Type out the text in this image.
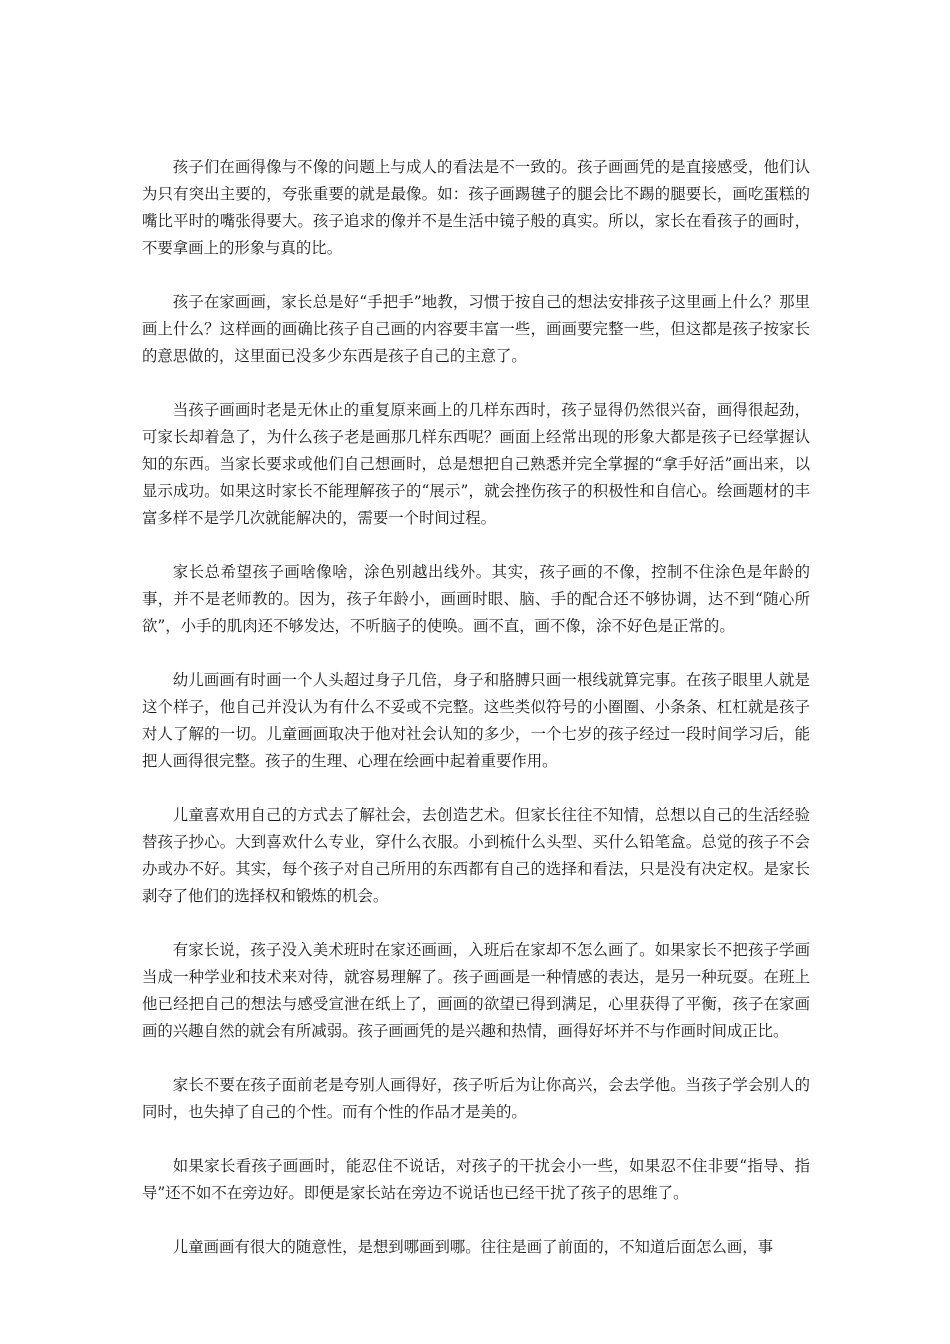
孩子们在画得像与不像的问题上与成人的看法是不一致的。孩子画画凭的是直接感受，他们认为只有突出主要的，夸张重要的就是最像。如：孩子画踢毽子的腿会比不踢的腿要长，画吃蛋糕的嘴比平时的嘴张得要大。孩子追求的像并不是生活中镜子般的真实。所以，家长在看孩子的画时，不要拿画上的形象与真的比。

孩子在家画画，家长总是好“手把手”地教，习惯于按自己的想法安排孩子这里画上什么？那里画上什么？这样画的画确比孩子自己画的内容要丰富一些，画画要完整一些，但这都是孩子按家长的意思做的，这里面已没多少东西是孩子自己的主意了。

当孩子画画时老是无休止的重复原来画上的几样东西时，孩子显得仍然很兴奋，画得很起劲，可家长却着急了，为什么孩子老是画那几样东西呢？画面上经常出现的形象大都是孩子已经掌握认知的东西。当家长要求或他们自己想画时，总是想把自己熟悉并完全掌握的“拿手好活”画出来，以显示成功。如果这时家长不能理解孩子的“展示”，就会挫伤孩子的积极性和自信心。绘画题材的丰富多样不是学几次就能解决的，需要一个时间过程。

家长总希望孩子画啥像啥，涂色别越出线外。其实，孩子画的不像，控制不住涂色是年龄的事，并不是老师教的。因为，孩子年龄小，画画时眼、脑、手的配合还不够协调，达不到“随心所欲”，小手的肌肉还不够发达，不听脑子的使唤。画不直，画不像，涂不好色是正常的。

幼儿画画有时画一个人头超过身子几倍，身子和胳膊只画一根线就算完事。在孩子眼里人就是这个样子，他自己并没认为有什么不妥或不完整。这些类似符号的小圈圈、小条条、杠杠就是孩子对人了解的一切。儿童画画取决于他对社会认知的多少，一个七岁的孩子经过一段时间学习后，能把人画得很完整。孩子的生理、心理在绘画中起着重要作用。

儿童喜欢用自己的方式去了解社会，去创造艺术。但家长往往不知情，总想以自己的生活经验替孩子抄心。大到喜欢什么专业，穿什么衣服。小到梳什么头型、买什么铅笔盒。总觉的孩子不会办或办不好。其实，每个孩子对自己所用的东西都有自己的选择和看法，只是没有决定权。是家长剥夺了他们的选择权和锻炼的机会。

有家长说，孩子没入美术班时在家还画画，入班后在家却不怎么画了。如果家长不把孩子学画当成一种学业和技术来对待，就容易理解了。孩子画画是一种情感的表达，是另一种玩耍。在班上他已经把自己的想法与感受宣泄在纸上了，画画的欲望已得到满足，心里获得了平衡，孩子在家画画的兴趣自然的就会有所减弱。孩子画画凭的是兴趣和热情，画得好坏并不与作画时间成正比。

家长不要在孩子面前老是夸别人画得好，孩子听后为让你高兴，会去学他。当孩子学会别人的同时，也失掉了自己的个性。而有个性的作品才是美的。

如果家长看孩子画画时，能忍住不说话，对孩子的干扰会小一些，如果忍不住非要“指导、指导”还不如不在旁边好。即便是家长站在旁边不说话也已经干扰了孩子的思维了。

儿童画画有很大的随意性，是想到哪画到哪。往往是画了前面的，不知道后面怎么画，事
